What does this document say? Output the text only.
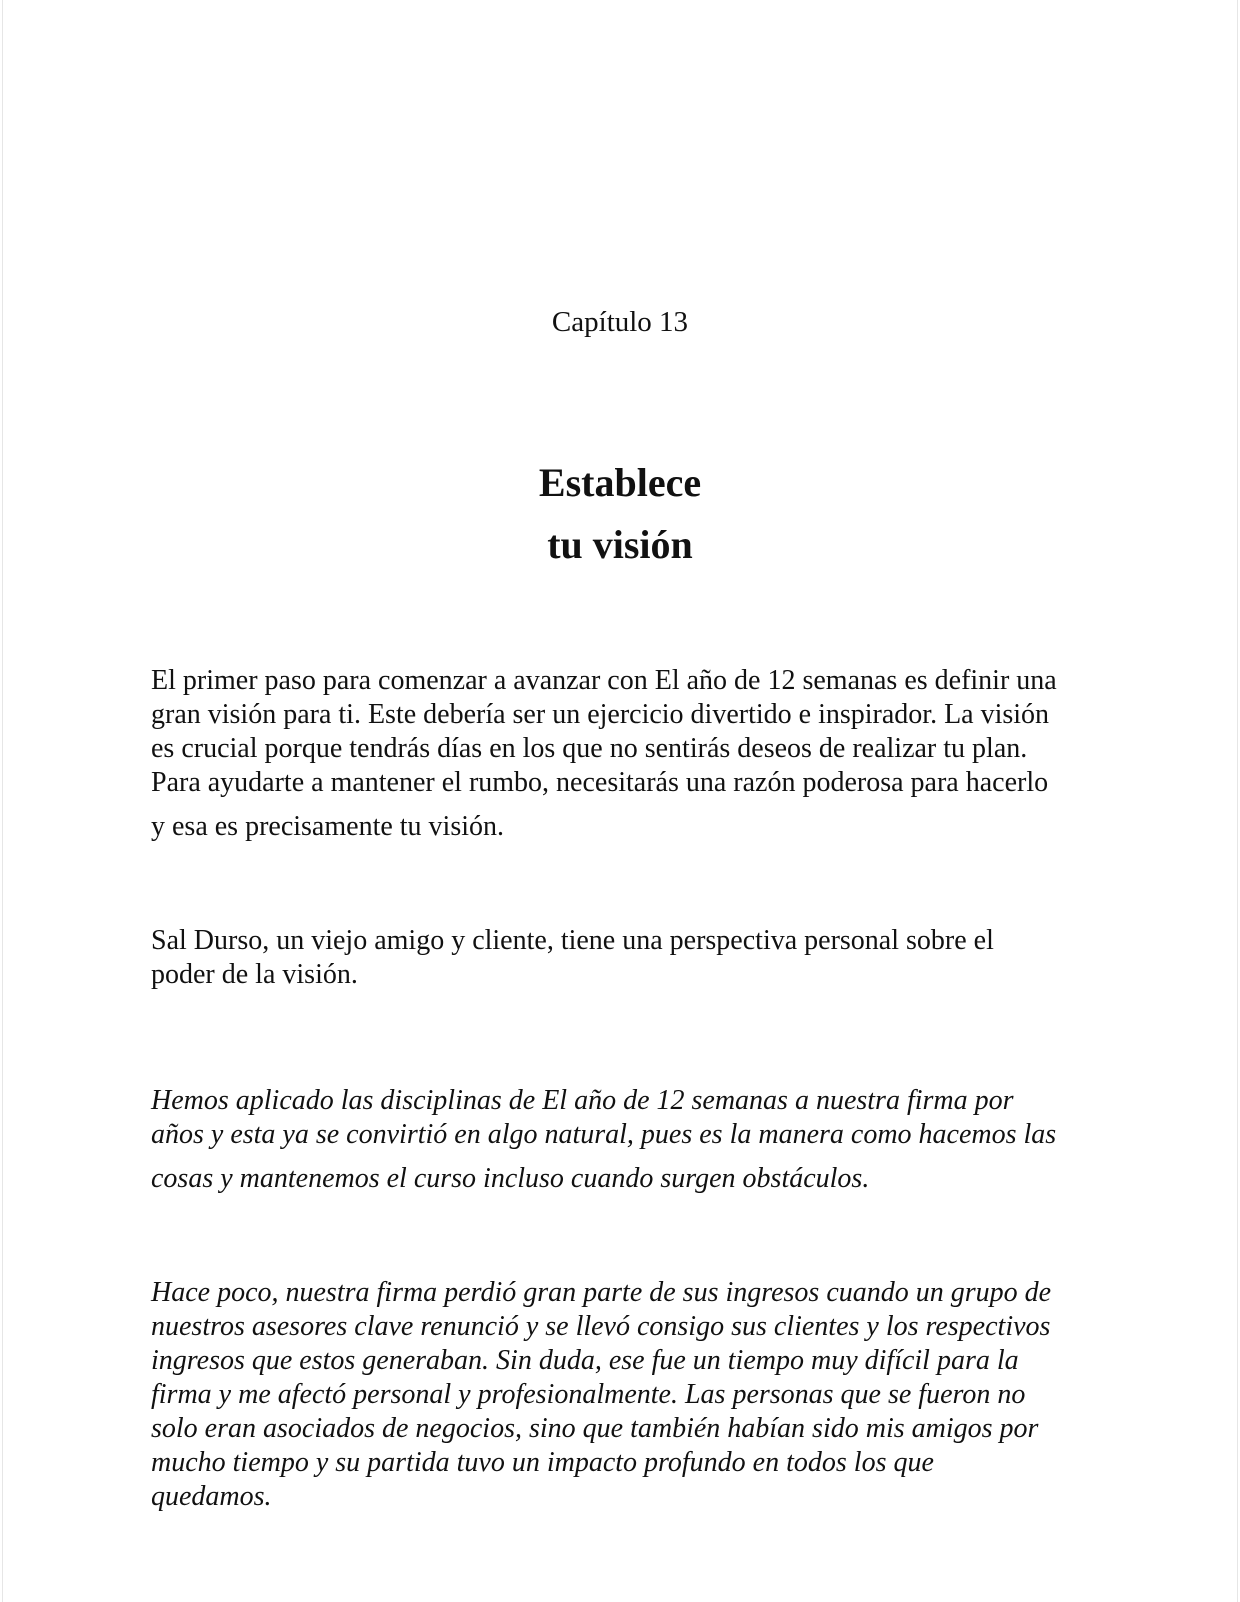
Capítulo 13
Establece
tu visión

El primer paso para comenzar a avanzar con El año de 12 semanas es definir una
gran visión para ti. Este debería ser un ejercicio divertido e inspirador. La visión
es crucial porque tendrás días en los que no sentirás deseos de realizar tu plan.
Para ayudarte a mantener el rumbo, necesitarás una razón poderosa para hacerlo
y esa es precisamente tu visión.

Sal Durso, un viejo amigo y cliente, tiene una perspectiva personal sobre el
poder de la visión.

Hemos aplicado las disciplinas de El año de 12 semanas a nuestra firma por
años y esta ya se convirtió en algo natural, pues es la manera como hacemos las
cosas y mantenemos el curso incluso cuando surgen obstáculos.

Hace poco, nuestra firma perdió gran parte de sus ingresos cuando un grupo de
nuestros asesores clave renunció y se llevó consigo sus clientes y los respectivos
ingresos que estos generaban. Sin duda, ese fue un tiempo muy difícil para la
firma y me afectó personal y profesionalmente. Las personas que se fueron no
solo eran asociados de negocios, sino que también habían sido mis amigos por
mucho tiempo y su partida tuvo un impacto profundo en todos los que
quedamos.
